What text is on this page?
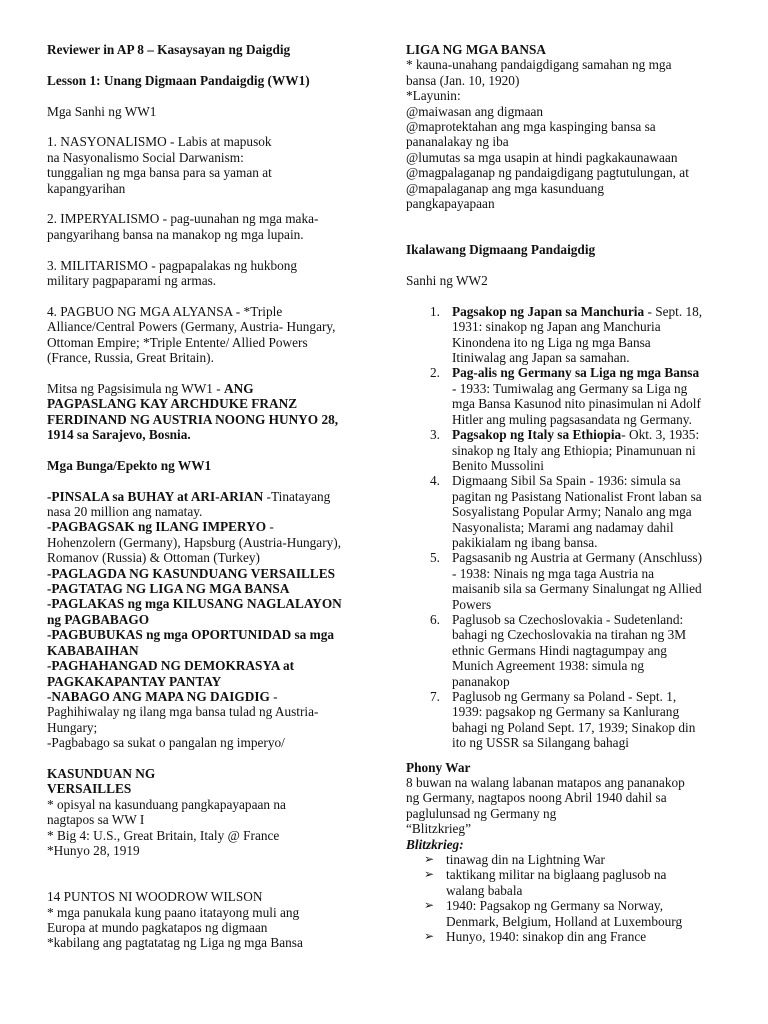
Reviewer in AP 8 – Kasaysayan ng Daigdig
Lesson 1: Unang Digmaan Pandaigdig (WW1)
Mga Sanhi ng WW1
1. NASYONALISMO - Labis at mapusok
na Nasyonalismo Social Darwanism:
tunggalian ng mga bansa para sa yaman at
kapangyarihan
2. IMPERYALISMO - pag-uunahan ng mga maka-
pangyarihang bansa na manakop ng mga lupain.
3. MILITARISMO - pagpapalakas ng hukbong
military pagpaparami ng armas.
4. PAGBUO NG MGA ALYANSA - *Triple
Alliance/Central Powers (Germany, Austria- Hungary,
Ottoman Empire; *Triple Entente/ Allied Powers
(France, Russia, Great Britain).
Mitsa ng Pagsisimula ng WW1 - ANG
PAGPASLANG KAY ARCHDUKE FRANZ
FERDINAND NG AUSTRIA NOONG HUNYO 28,
1914 sa Sarajevo, Bosnia.
Mga Bunga/Epekto ng WW1
-PINSALA sa BUHAY at ARI-ARIAN -Tinatayang
nasa 20 million ang namatay.
-PAGBAGSAK ng ILANG IMPERYO -
Hohenzolern (Germany), Hapsburg (Austria-Hungary),
Romanov (Russia) & Ottoman (Turkey)
-PAGLAGDA NG KASUNDUANG VERSAILLES
-PAGTATAG NG LIGA NG MGA BANSA
-PAGLAKAS ng mga KILUSANG NAGLALAYON
ng PAGBABAGO
-PAGBUBUKAS ng mga OPORTUNIDAD sa mga
KABABAIHAN
-PAGHAHANGAD NG DEMOKRASYA at
PAGKAKAPANTAY PANTAY
-NABAGO ANG MAPA NG DAIGDIG -
Paghihiwalay ng ilang mga bansa tulad ng Austria-
Hungary;
-Pagbabago sa sukat o pangalan ng imperyo/
KASUNDUAN NG
VERSAILLES
* opisyal na kasunduang pangkapayapaan na
nagtapos sa WW I
* Big 4: U.S., Great Britain, Italy @ France
*Hunyo 28, 1919
14 PUNTOS NI WOODROW WILSON
* mga panukala kung paano itatayong muli ang
Europa at mundo pagkatapos ng digmaan
*kabilang ang pagtatatag ng Liga ng mga Bansa
LIGA NG MGA BANSA
* kauna-unahang pandaigdigang samahan ng mga
bansa (Jan. 10, 1920)
*Layunin:
@maiwasan ang digmaan
@maprotektahan ang mga kaspinging bansa sa
pananalakay ng iba
@lumutas sa mga usapin at hindi pagkakaunawaan
@magpalaganap ng pandaigdigang pagtutulungan, at
@mapalaganap ang mga kasunduang
pangkapayapaan
Ikalawang Digmaang Pandaigdig
Sanhi ng WW2
1. Pagsakop ng Japan sa Manchuria - Sept. 18,
1931: sinakop ng Japan ang Manchuria
Kinondena ito ng Liga ng mga Bansa
Itiniwalag ang Japan sa samahan.
2. Pag-alis ng Germany sa Liga ng mga Bansa
- 1933: Tumiwalag ang Germany sa Liga ng
mga Bansa Kasunod nito pinasimulan ni Adolf
Hitler ang muling pagsasandata ng Germany.
3. Pagsakop ng Italy sa Ethiopia- Okt. 3, 1935:
sinakop ng Italy ang Ethiopia; Pinamunuan ni
Benito Mussolini
4. Digmaang Sibil Sa Spain - 1936: simula sa
pagitan ng Pasistang Nationalist Front laban sa
Sosyalistang Popular Army; Nanalo ang mga
Nasyonalista; Marami ang nadamay dahil
pakikialam ng ibang bansa.
5. Pagsasanib ng Austria at Germany (Anschluss)
- 1938: Ninais ng mga taga Austria na
maisanib sila sa Germany Sinalungat ng Allied
Powers
6. Paglusob sa Czechoslovakia - Sudetenland:
bahagi ng Czechoslovakia na tirahan ng 3M
ethnic Germans Hindi nagtagumpay ang
Munich Agreement 1938: simula ng
pananakop
7. Paglusob ng Germany sa Poland - Sept. 1,
1939: pagsakop ng Germany sa Kanlurang
bahagi ng Poland Sept. 17, 1939; Sinakop din
ito ng USSR sa Silangang bahagi
Phony War
8 buwan na walang labanan matapos ang pananakop
ng Germany, nagtapos noong Abril 1940 dahil sa
paglulunsad ng Germany ng
“Blitzkrieg”
Blitzkrieg:
➢ tinawag din na Lightning War
➢ taktikang militar na biglaang paglusob na
walang babala
➢ 1940: Pagsakop ng Germany sa Norway,
Denmark, Belgium, Holland at Luxembourg
➢ Hunyo, 1940: sinakop din ang France
